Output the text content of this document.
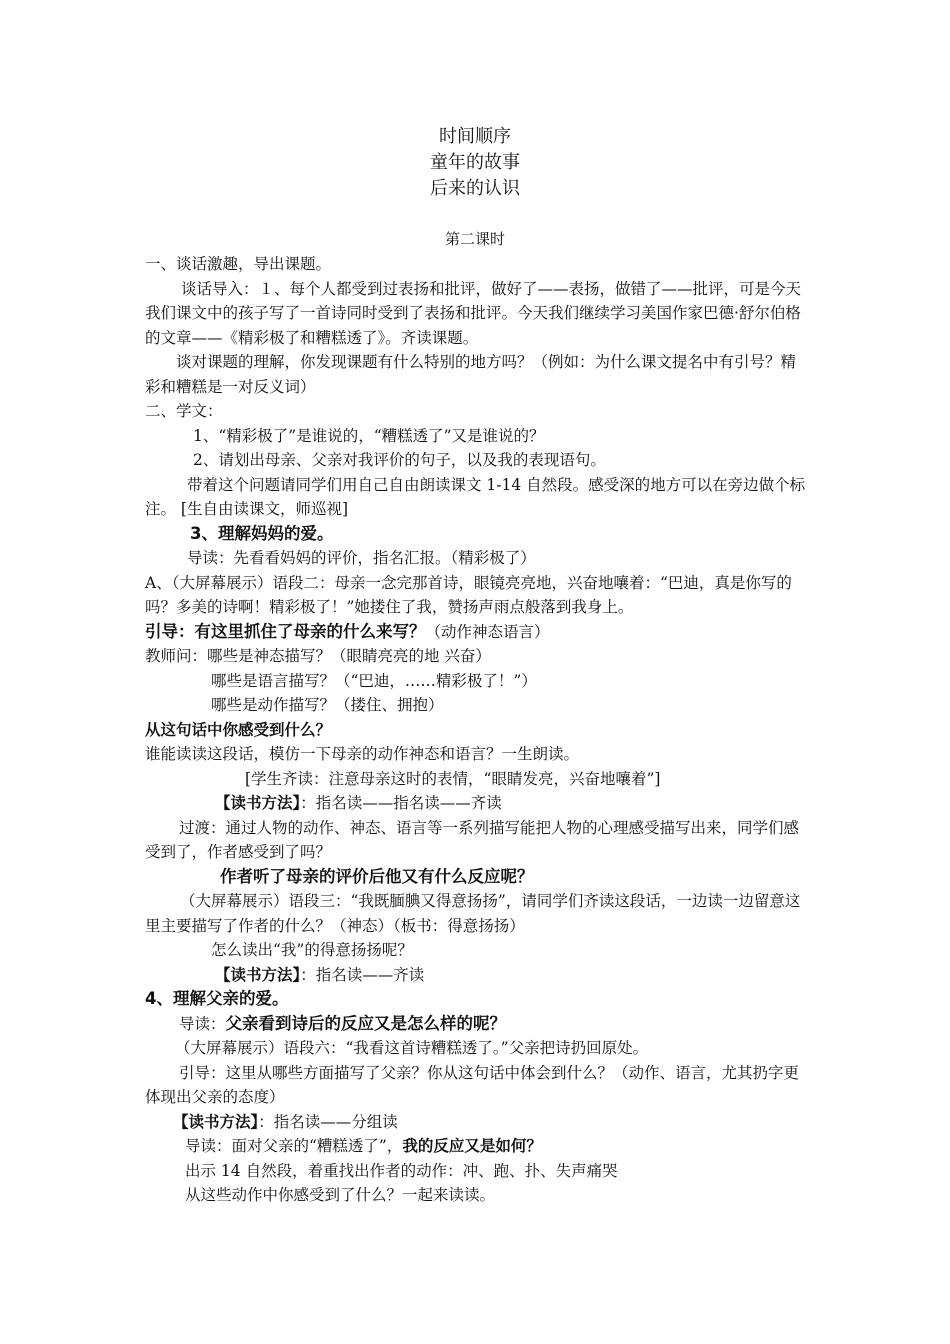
时间顺序
童年的故事
后来的认识
第二课时
一、谈话激趣，导出课题。
谈话导入：１、每个人都受到过表扬和批评，做好了——表扬，做错了——批评，可是今天我们课文中的孩子写了一首诗同时受到了表扬和批评。今天我们继续学习美国作家巴德·舒尔伯格的文章——《精彩极了和糟糕透了》。齐读课题。
谈对课题的理解，你发现课题有什么特别的地方吗？（例如：为什么课文提名中有引号？精彩和糟糕是一对反义词）
二、学文：
1、“精彩极了”是谁说的，“糟糕透了”又是谁说的？
2、请划出母亲、父亲对我评价的句子，以及我的表现语句。
带着这个问题请同学们用自己自由朗读课文 1-14 自然段。感受深的地方可以在旁边做个标注。 [生自由读课文，师巡视]
3、理解妈妈的爱。
导读：先看看妈妈的评价，指名汇报。（精彩极了）
A、（大屏幕展示）语段二：母亲一念完那首诗，眼镜亮亮地，兴奋地嚷着：“巴迪，真是你写的吗？多美的诗啊！精彩极了！”她搂住了我，赞扬声雨点般落到我身上。
引导：有这里抓住了母亲的什么来写？（动作神态语言）
教师问：哪些是神态描写？（眼睛亮亮的地 兴奋）
哪些是语言描写？（“巴迪，……精彩极了！”）
哪些是动作描写？（搂住、拥抱）
从这句话中你感受到什么？
谁能读读这段话，模仿一下母亲的动作神态和语言？一生朗读。
[学生齐读：注意母亲这时的表情，“眼睛发亮，兴奋地嚷着”]
【读书方法】：指名读——指名读——齐读
过渡：通过人物的动作、神态、语言等一系列描写能把人物的心理感受描写出来，同学们感受到了，作者感受到了吗？
作者听了母亲的评价后他又有什么反应呢？
（大屏幕展示）语段三：“我既腼腆又得意扬扬”，请同学们齐读这段话，一边读一边留意这里主要描写了作者的什么？（神态）（板书：得意扬扬）
怎么读出“我”的得意扬扬呢？
【读书方法】：指名读——齐读
4、理解父亲的爱。
导读：父亲看到诗后的反应又是怎么样的呢？
（大屏幕展示）语段六：“我看这首诗糟糕透了。”父亲把诗扔回原处。
引导：这里从哪些方面描写了父亲？你从这句话中体会到什么？（动作、语言，尤其扔字更体现出父亲的态度）
【读书方法】：指名读——分组读
导读：面对父亲的“糟糕透了”，我的反应又是如何？
出示 14 自然段，着重找出作者的动作：冲、跑、扑、失声痛哭
从这些动作中你感受到了什么？一起来读读。
